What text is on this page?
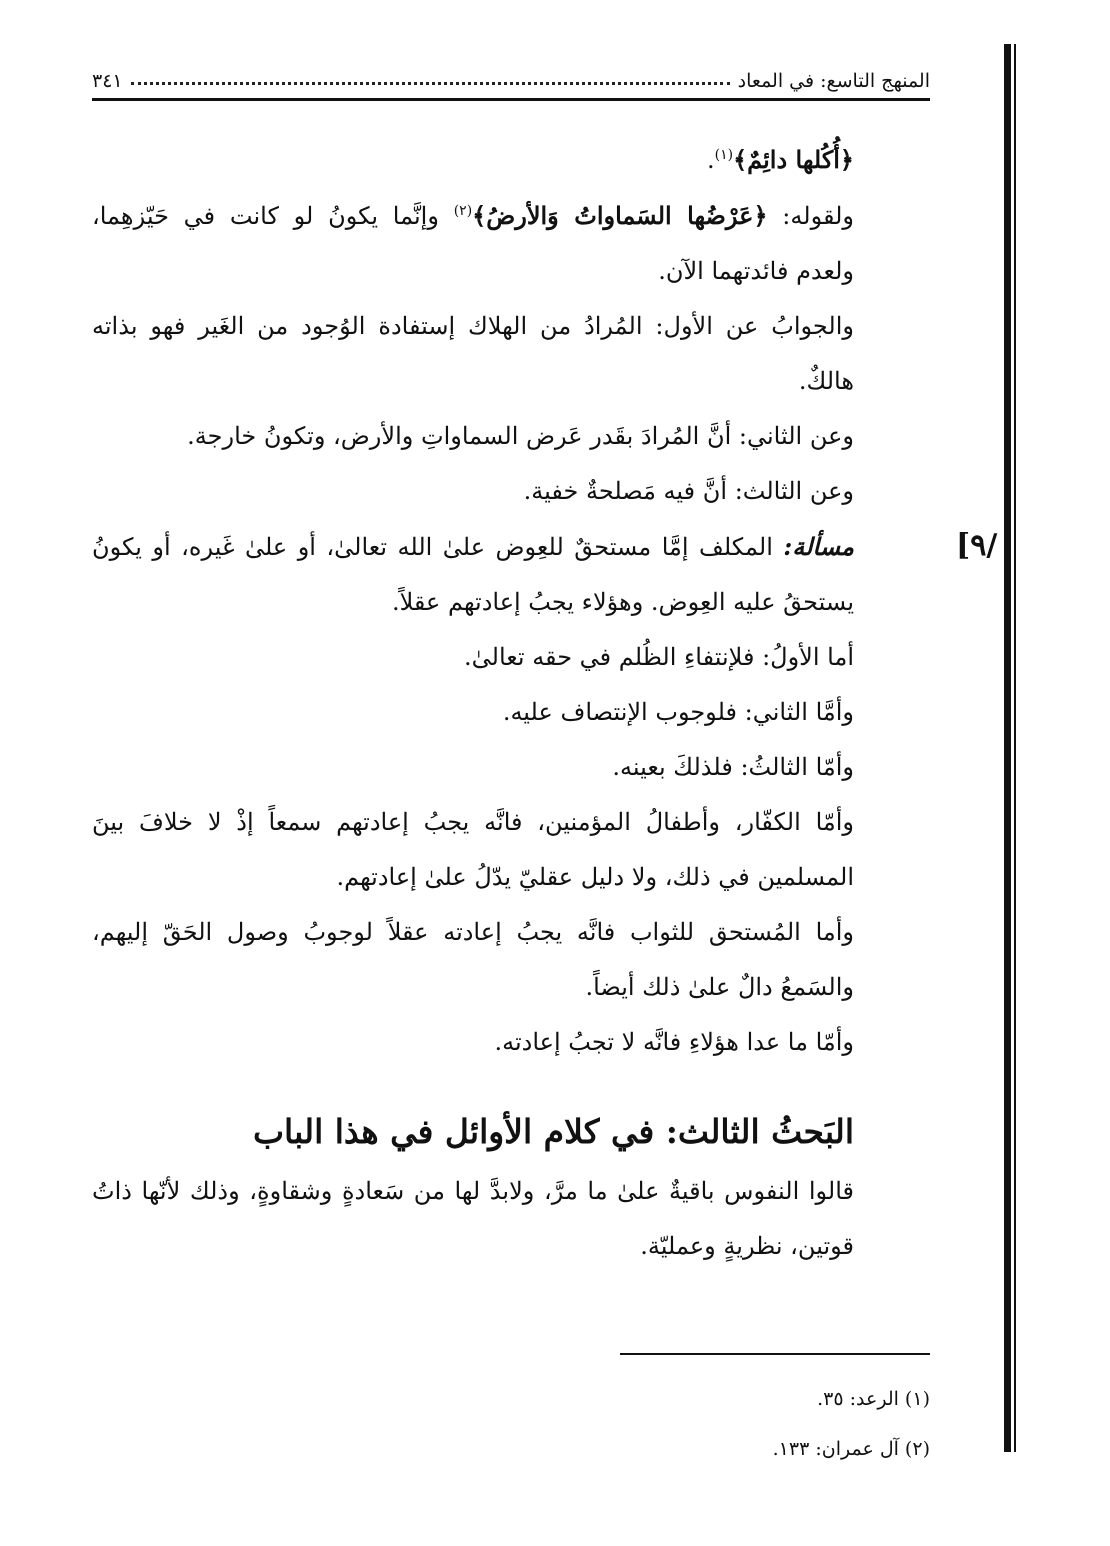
المنهج التاسع: في المعاد
٣٤١
[٩/

﴿أُكُلها دائِمٌ﴾$^{(١)}$.

ولقوله: ﴿عَرْضُها السَماواتُ وَالأرضُ﴾$^{(٢)}$ وإنَّما يكونُ لو كانت في حَيّزهِما، ولعدم فائدتهما الآن.

والجوابُ عن الأول: المُرادُ من الهلاك إستفادة الوُجود من الغَير فهو بذاته هالكٌ.

وعن الثاني: أنَّ المُرادَ بقَدر عَرض السماواتِ والأرض، وتكونُ خارجة.

وعن الثالث: أنَّ فيه مَصلحةٌ خفية.

مسألة: المكلف إمَّا مستحقٌ للعِوض علىٰ الله تعالىٰ، أو علىٰ غَيره، أو يكونُ يستحقُ عليه العِوض. وهؤلاء يجبُ إعادتهم عقلاً.

أما الأولُ: فلإنتفاءِ الظُلم في حقه تعالىٰ.

وأمَّا الثاني: فلوجوب الإنتصاف عليه.

وأمّا الثالثُ: فلذلكَ بعينه.

وأمّا الكفّار، وأطفالُ المؤمنين، فانَّه يجبُ إعادتهم سمعاً إذْ لا خلافَ بينَ المسلمين في ذلك، ولا دليل عقليّ يدّلُ علىٰ إعادتهم.

وأما المُستحق للثواب فانَّه يجبُ إعادته عقلاً لوجوبُ وصول الحَقّ إليهم، والسَمعُ دالٌ علىٰ ذلك أيضاً.

وأمّا ما عدا هؤلاءِ فانَّه لا تجبُ إعادته.

البَحثُ الثالث: في كلام الأوائل في هذا الباب

قالوا النفوس باقيةٌ علىٰ ما مرَّ، ولابدَّ لها من سَعادةٍ وشقاوةٍ، وذلك لأنّها ذاتُ قوتين، نظريةٍ وعمليّة.

(١) الرعد: ٣٥.

(٢) آل عمران: ١٣٣.
